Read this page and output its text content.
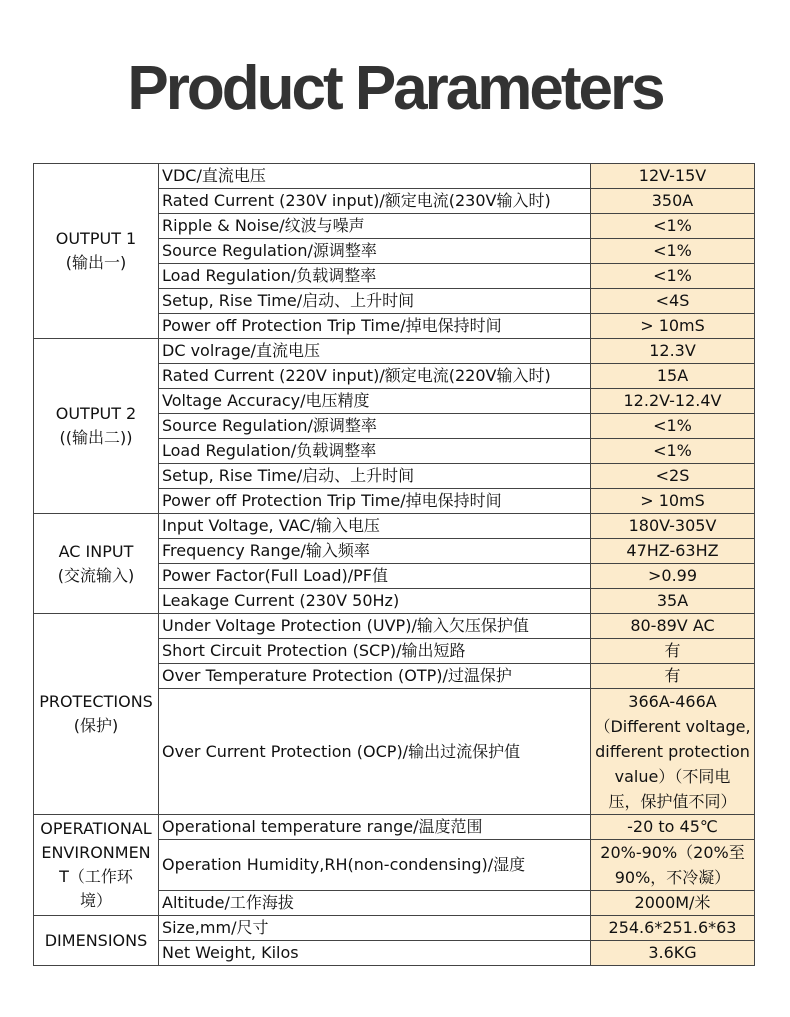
Product Parameters
OUTPUT 1
(输出一)	VDC/直流电压	12V-15V
	Rated Current (230V input)/额定电流(230V输入时)	350A
	Ripple & Noise/纹波与噪声	<1%
	Source Regulation/源调整率	<1%
	Load Regulation/负载调整率	<1%
	Setup, Rise Time/启动、上升时间	<4S
	Power off Protection Trip Time/掉电保持时间	> 10mS

OUTPUT 2
((输出二))	DC volrage/直流电压	12.3V
	Rated Current (220V input)/额定电流(220V输入时)	15A
	Voltage Accuracy/电压精度	12.2V-12.4V
	Source Regulation/源调整率	<1%
	Load Regulation/负载调整率	<1%
	Setup, Rise Time/启动、上升时间	<2S
	Power off Protection Trip Time/掉电保持时间	> 10mS

AC INPUT
(交流输入)	Input Voltage, VAC/输入电压	180V-305V
	Frequency Range/输入频率	47HZ-63HZ
	Power Factor(Full Load)/PF值	>0.99
	Leakage Current (230V 50Hz)	35A

PROTECTIONS
(保护)	Under Voltage Protection (UVP)/输入欠压保护值	80-89V AC
	Short Circuit Protection (SCP)/输出短路	有
	Over Temperature Protection (OTP)/过温保护	有
	Over Current Protection (OCP)/输出过流保护值	366A-466A
（Different voltage,
different protection
value）（不同电
压，保护值不同）

OPERATIONAL
ENVIRONMEN
T（工作环
境）	Operational temperature range/温度范围	-20 to 45℃
	Operation Humidity,RH(non-condensing)/湿度	20%-90%（20%至
90%，不冷凝）

	Altitude/工作海拔	2000M/米

DIMENSIONS	Size,mm/尺寸	254.6*251.6*63
	Net Weight, Kilos	3.6KG
